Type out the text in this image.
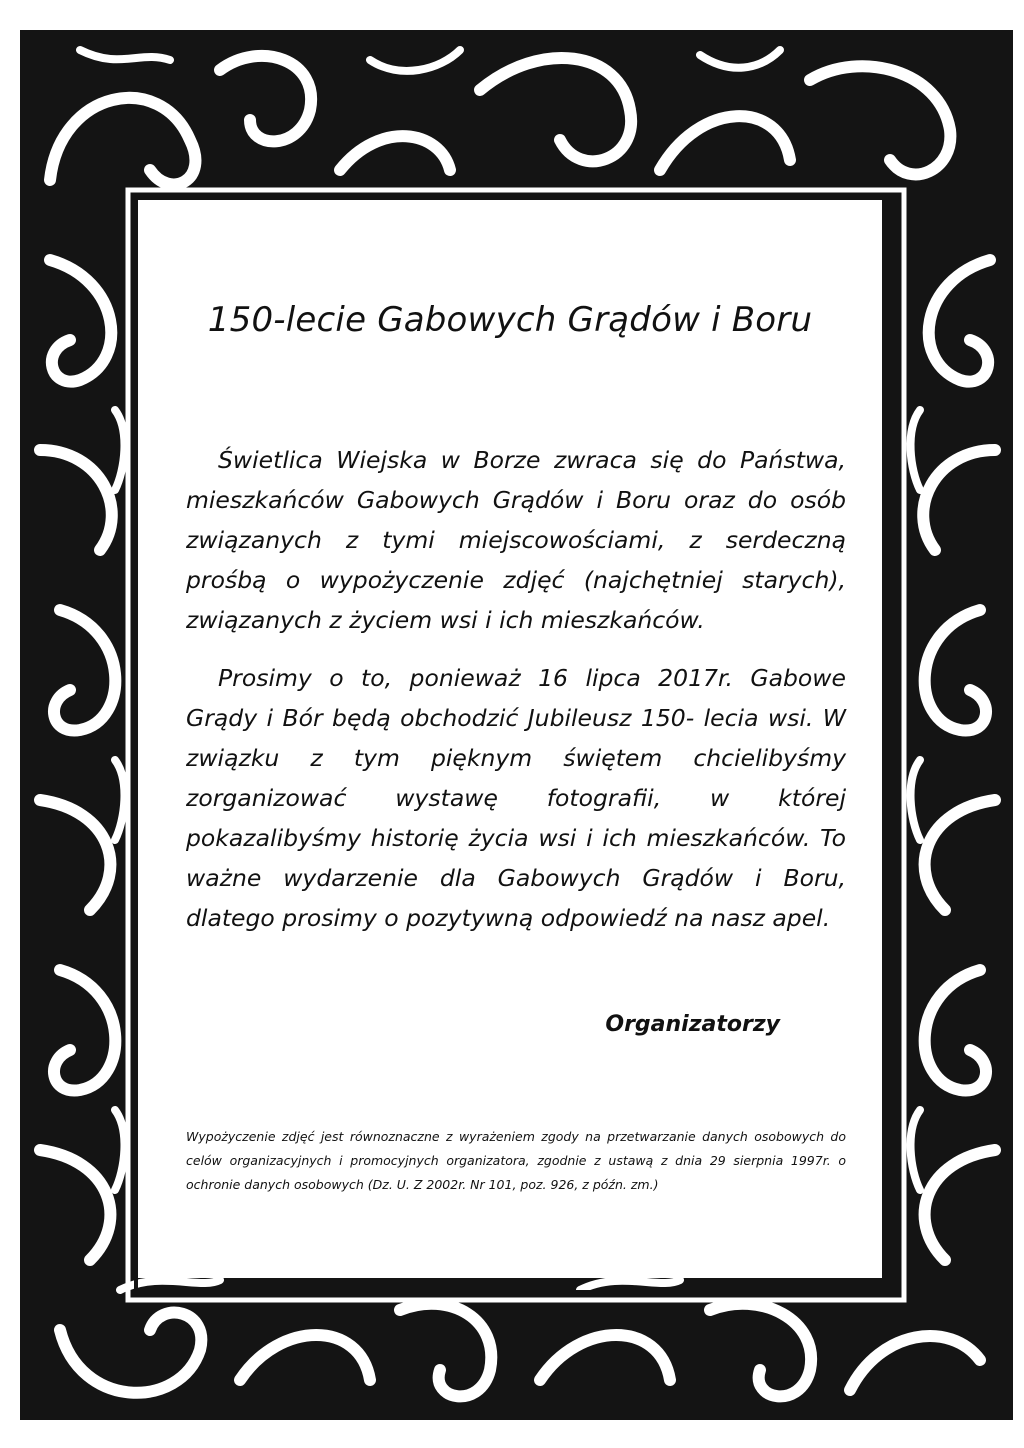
150-lecie Gabowych Grądów i Boru

Świetlica Wiejska w Borze zwraca się do Państwa, mieszkańców Gabowych Grądów i Boru oraz do osób związanych z tymi miejscowościami, z serdeczną prośbą o wypożyczenie zdjęć (najchętniej starych), związanych z życiem wsi i ich mieszkańców.

Prosimy o to, ponieważ 16 lipca 2017r. Gabowe Grądy i Bór będą obchodzić Jubileusz 150- lecia wsi. W związku z tym pięknym świętem chcielibyśmy zorganizować wystawę fotografii, w której pokazalibyśmy historię życia wsi i ich mieszkańców. To ważne wydarzenie dla Gabowych Grądów i Boru, dlatego prosimy o pozytywną odpowiedź na nasz apel.

Organizatorzy

Wypożyczenie zdjęć jest równoznaczne z wyrażeniem zgody na przetwarzanie danych osobowych do celów organizacyjnych i promocyjnych organizatora, zgodnie z ustawą z dnia 29 sierpnia 1997r. o ochronie danych osobowych (Dz. U. Z 2002r. Nr 101, poz. 926, z późn. zm.)
